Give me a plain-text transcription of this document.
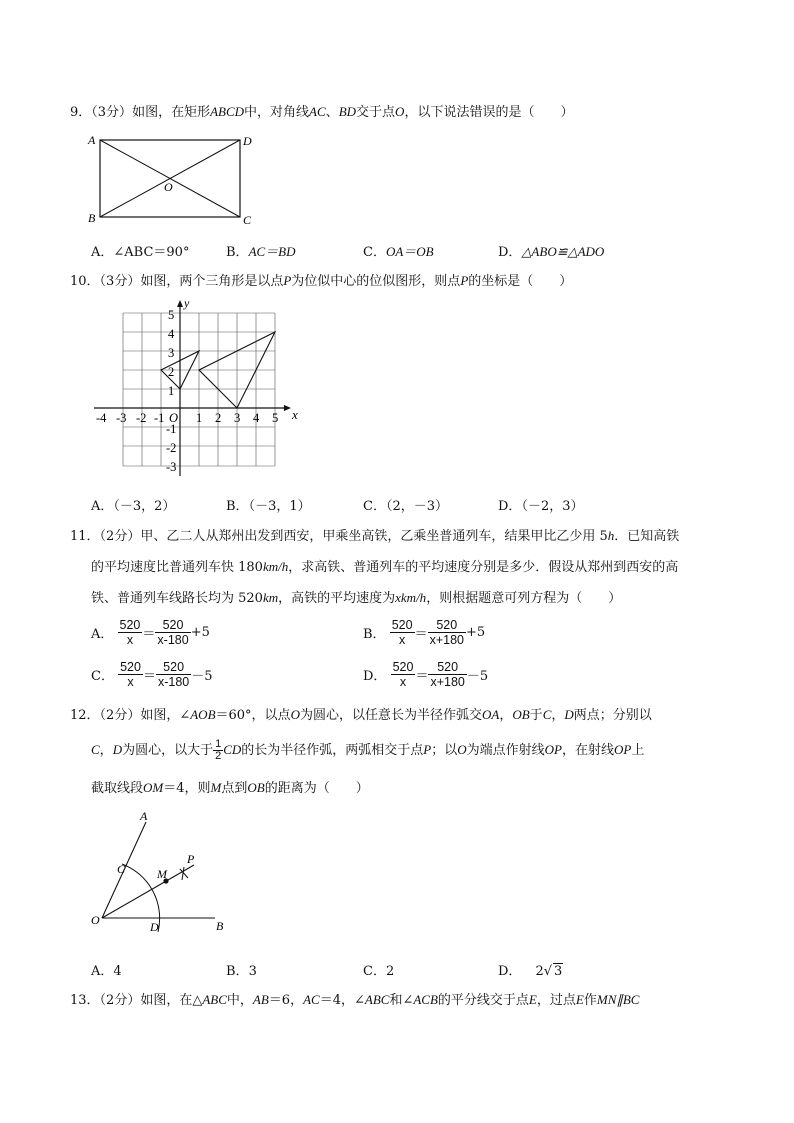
9．（3分）如图，在矩形ABCD中，对角线AC、BD交于点O，以下说法错误的是（　　）
A	D
O
B	C
A．∠ABC＝90°	B．AC＝BD	C．OA＝OB	D．△ABO≌△ADO
10．（3分）如图，两个三角形是以点P为位似中心的位似图形，则点P的坐标是（　　）
x
y
-4 -3 -2 -1 O 1 2 3 4 5
5
4
3
2
1
-1
-2
-3
A．（－3，2）	B．（－3，1）	C．（2，－3）	D．（－2，3）
11．（2分）甲、乙二人从郑州出发到西安，甲乘坐高铁，乙乘坐普通列车，结果甲比乙少用 5h．已知高铁
的平均速度比普通列车快 180km/h，求高铁、普通列车的平均速度分别是多少．假设从郑州到西安的高
铁、普通列车线路长均为 520km，高铁的平均速度为xkm/h，则根据题意可列方程为（　　）
A． $\frac{520}{x} = \frac{520}{x-180} +5$	B． $\frac{520}{x} = \frac{520}{x+180} +5$
C． $\frac{520}{x} = \frac{520}{x-180} -5$	D． $\frac{520}{x} = \frac{520}{x+180} -5$
12．（2分）如图，∠AOB＝60°，以点O为圆心，以任意长为半径作弧交OA，OB于C，D两点；分别以
C，D为圆心，以大于 $\frac{1}{2}$ CD的长为半径作弧，两弧相交于点P；以O为端点作射线OP，在射线OP上
截取线段OM＝4，则M点到OB的距离为（　　）
A
C
P
M
O	D	B
A．4	B．3	C．2	D． 2√ 3
13．（2分）如图，在△ABC中，AB＝6，AC＝4，∠ABC和∠ACB的平分线交于点E，过点E作MN∥BC
